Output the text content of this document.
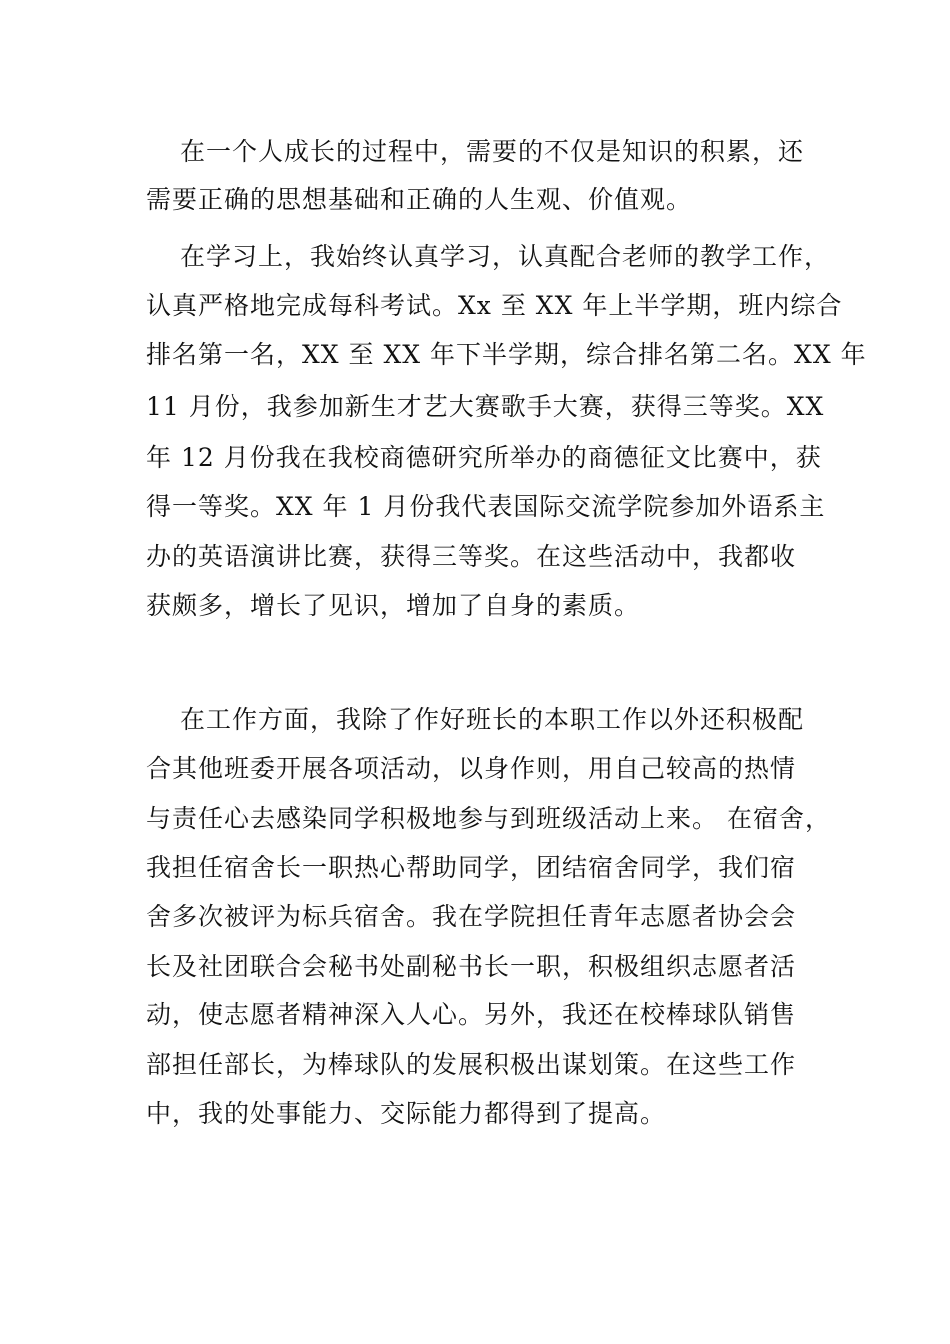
在一个人成长的过程中，需要的不仅是知识的积累，还

需要正确的思想基础和正确的人生观、价值观。

在学习上，我始终认真学习，认真配合老师的教学工作，

认真严格地完成每科考试。Xx 至 XX 年上半学期，班内综合

排名第一名，XX 至 XX 年下半学期，综合排名第二名。XX 年

11 月份，我参加新生才艺大赛歌手大赛，获得三等奖。XX

年 12 月份我在我校商德研究所举办的商德征文比赛中，获

得一等奖。XX 年 1 月份我代表国际交流学院参加外语系主

办的英语演讲比赛，获得三等奖。在这些活动中，我都收

获颇多，增长了见识，增加了自身的素质。

在工作方面，我除了作好班长的本职工作以外还积极配

合其他班委开展各项活动，以身作则，用自己较高的热情

与责任心去感染同学积极地参与到班级活动上来。 在宿舍，

我担任宿舍长一职热心帮助同学，团结宿舍同学，我们宿

舍多次被评为标兵宿舍。我在学院担任青年志愿者协会会

长及社团联合会秘书处副秘书长一职，积极组织志愿者活

动，使志愿者精神深入人心。另外，我还在校棒球队销售

部担任部长，为棒球队的发展积极出谋划策。在这些工作

中，我的处事能力、交际能力都得到了提高。
